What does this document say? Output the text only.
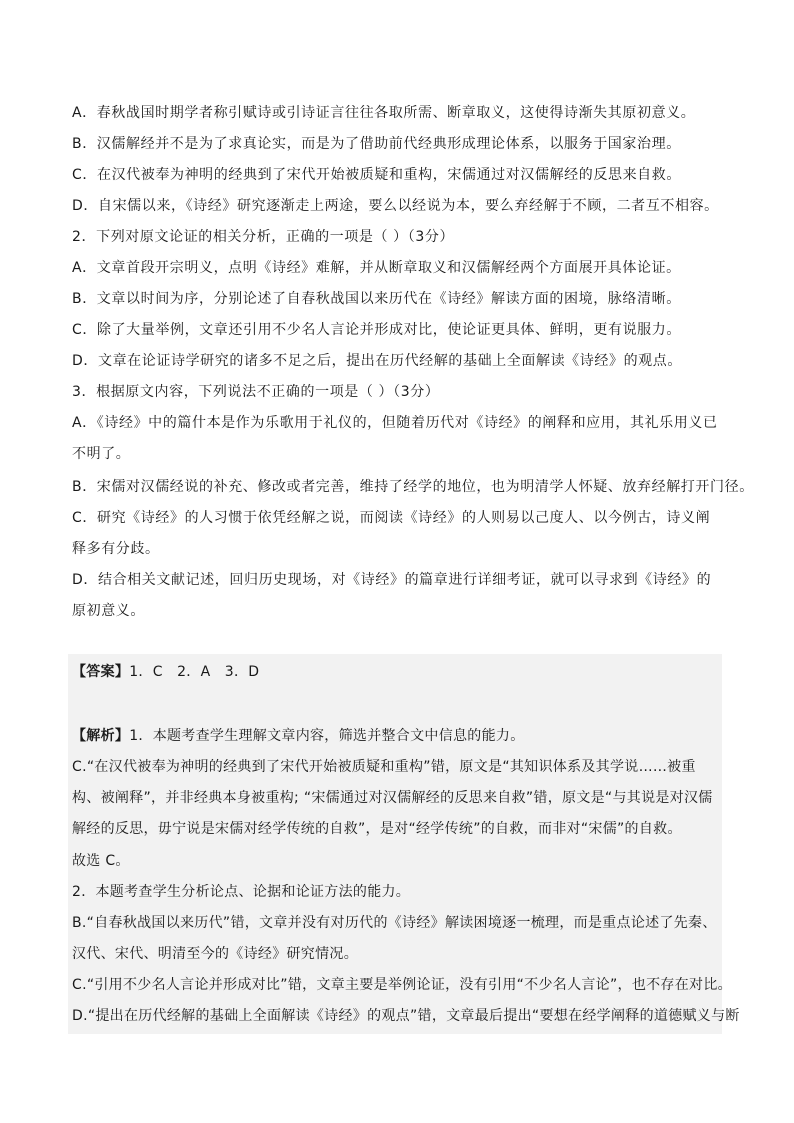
A．春秋战国时期学者称引赋诗或引诗证言往往各取所需、断章取义，这使得诗渐失其原初意义。
B．汉儒解经并不是为了求真论实，而是为了借助前代经典形成理论体系，以服务于国家治理。
C．在汉代被奉为神明的经典到了宋代开始被质疑和重构，宋儒通过对汉儒解经的反思来自救。
D．自宋儒以来，《诗经》研究逐渐走上两途，要么以经说为本，要么弃经解于不顾，二者互不相容。
2．下列对原文论证的相关分析，正确的一项是（ ）（3分）
A．文章首段开宗明义，点明《诗经》难解，并从断章取义和汉儒解经两个方面展开具体论证。
B．文章以时间为序，分别论述了自春秋战国以来历代在《诗经》解读方面的困境，脉络清晰。
C．除了大量举例，文章还引用不少名人言论并形成对比，使论证更具体、鲜明，更有说服力。
D．文章在论证诗学研究的诸多不足之后，提出在历代经解的基础上全面解读《诗经》的观点。
3．根据原文内容，下列说法不正确的一项是（ ）（3分）
A．《诗经》中的篇什本是作为乐歌用于礼仪的，但随着历代对《诗经》的阐释和应用，其礼乐用义已不明了。
B．宋儒对汉儒经说的补充、修改或者完善，维持了经学的地位，也为明清学人怀疑、放弃经解打开门径。
C．研究《诗经》的人习惯于依凭经解之说，而阅读《诗经》的人则易以己度人、以今例古，诗义阐释多有分歧。
D．结合相关文献记述，回归历史现场，对《诗经》的篇章进行详细考证，就可以寻求到《诗经》的原初意义。
【答案】1．C　2．A　3．D
【解析】1．本题考查学生理解文章内容，筛选并整合文中信息的能力。
C.“在汉代被奉为神明的经典到了宋代开始被质疑和重构”错，原文是“其知识体系及其学说……被重构、被阐释”，并非经典本身被重构; “宋儒通过对汉儒解经的反思来自救”错，原文是“与其说是对汉儒解经的反思，毋宁说是宋儒对经学传统的自救”，是对“经学传统”的自救，而非对“宋儒”的自救。
故选 C。
2．本题考查学生分析论点、论据和论证方法的能力。
B.“自春秋战国以来历代”错，文章并没有对历代的《诗经》解读困境逐一梳理，而是重点论述了先秦、汉代、宋代、明清至今的《诗经》研究情况。
C.“引用不少名人言论并形成对比”错，文章主要是举例论证，没有引用“不少名人言论”，也不存在对比。
D.“提出在历代经解的基础上全面解读《诗经》的观点”错，文章最后提出“要想在经学阐释的道德赋义与断
